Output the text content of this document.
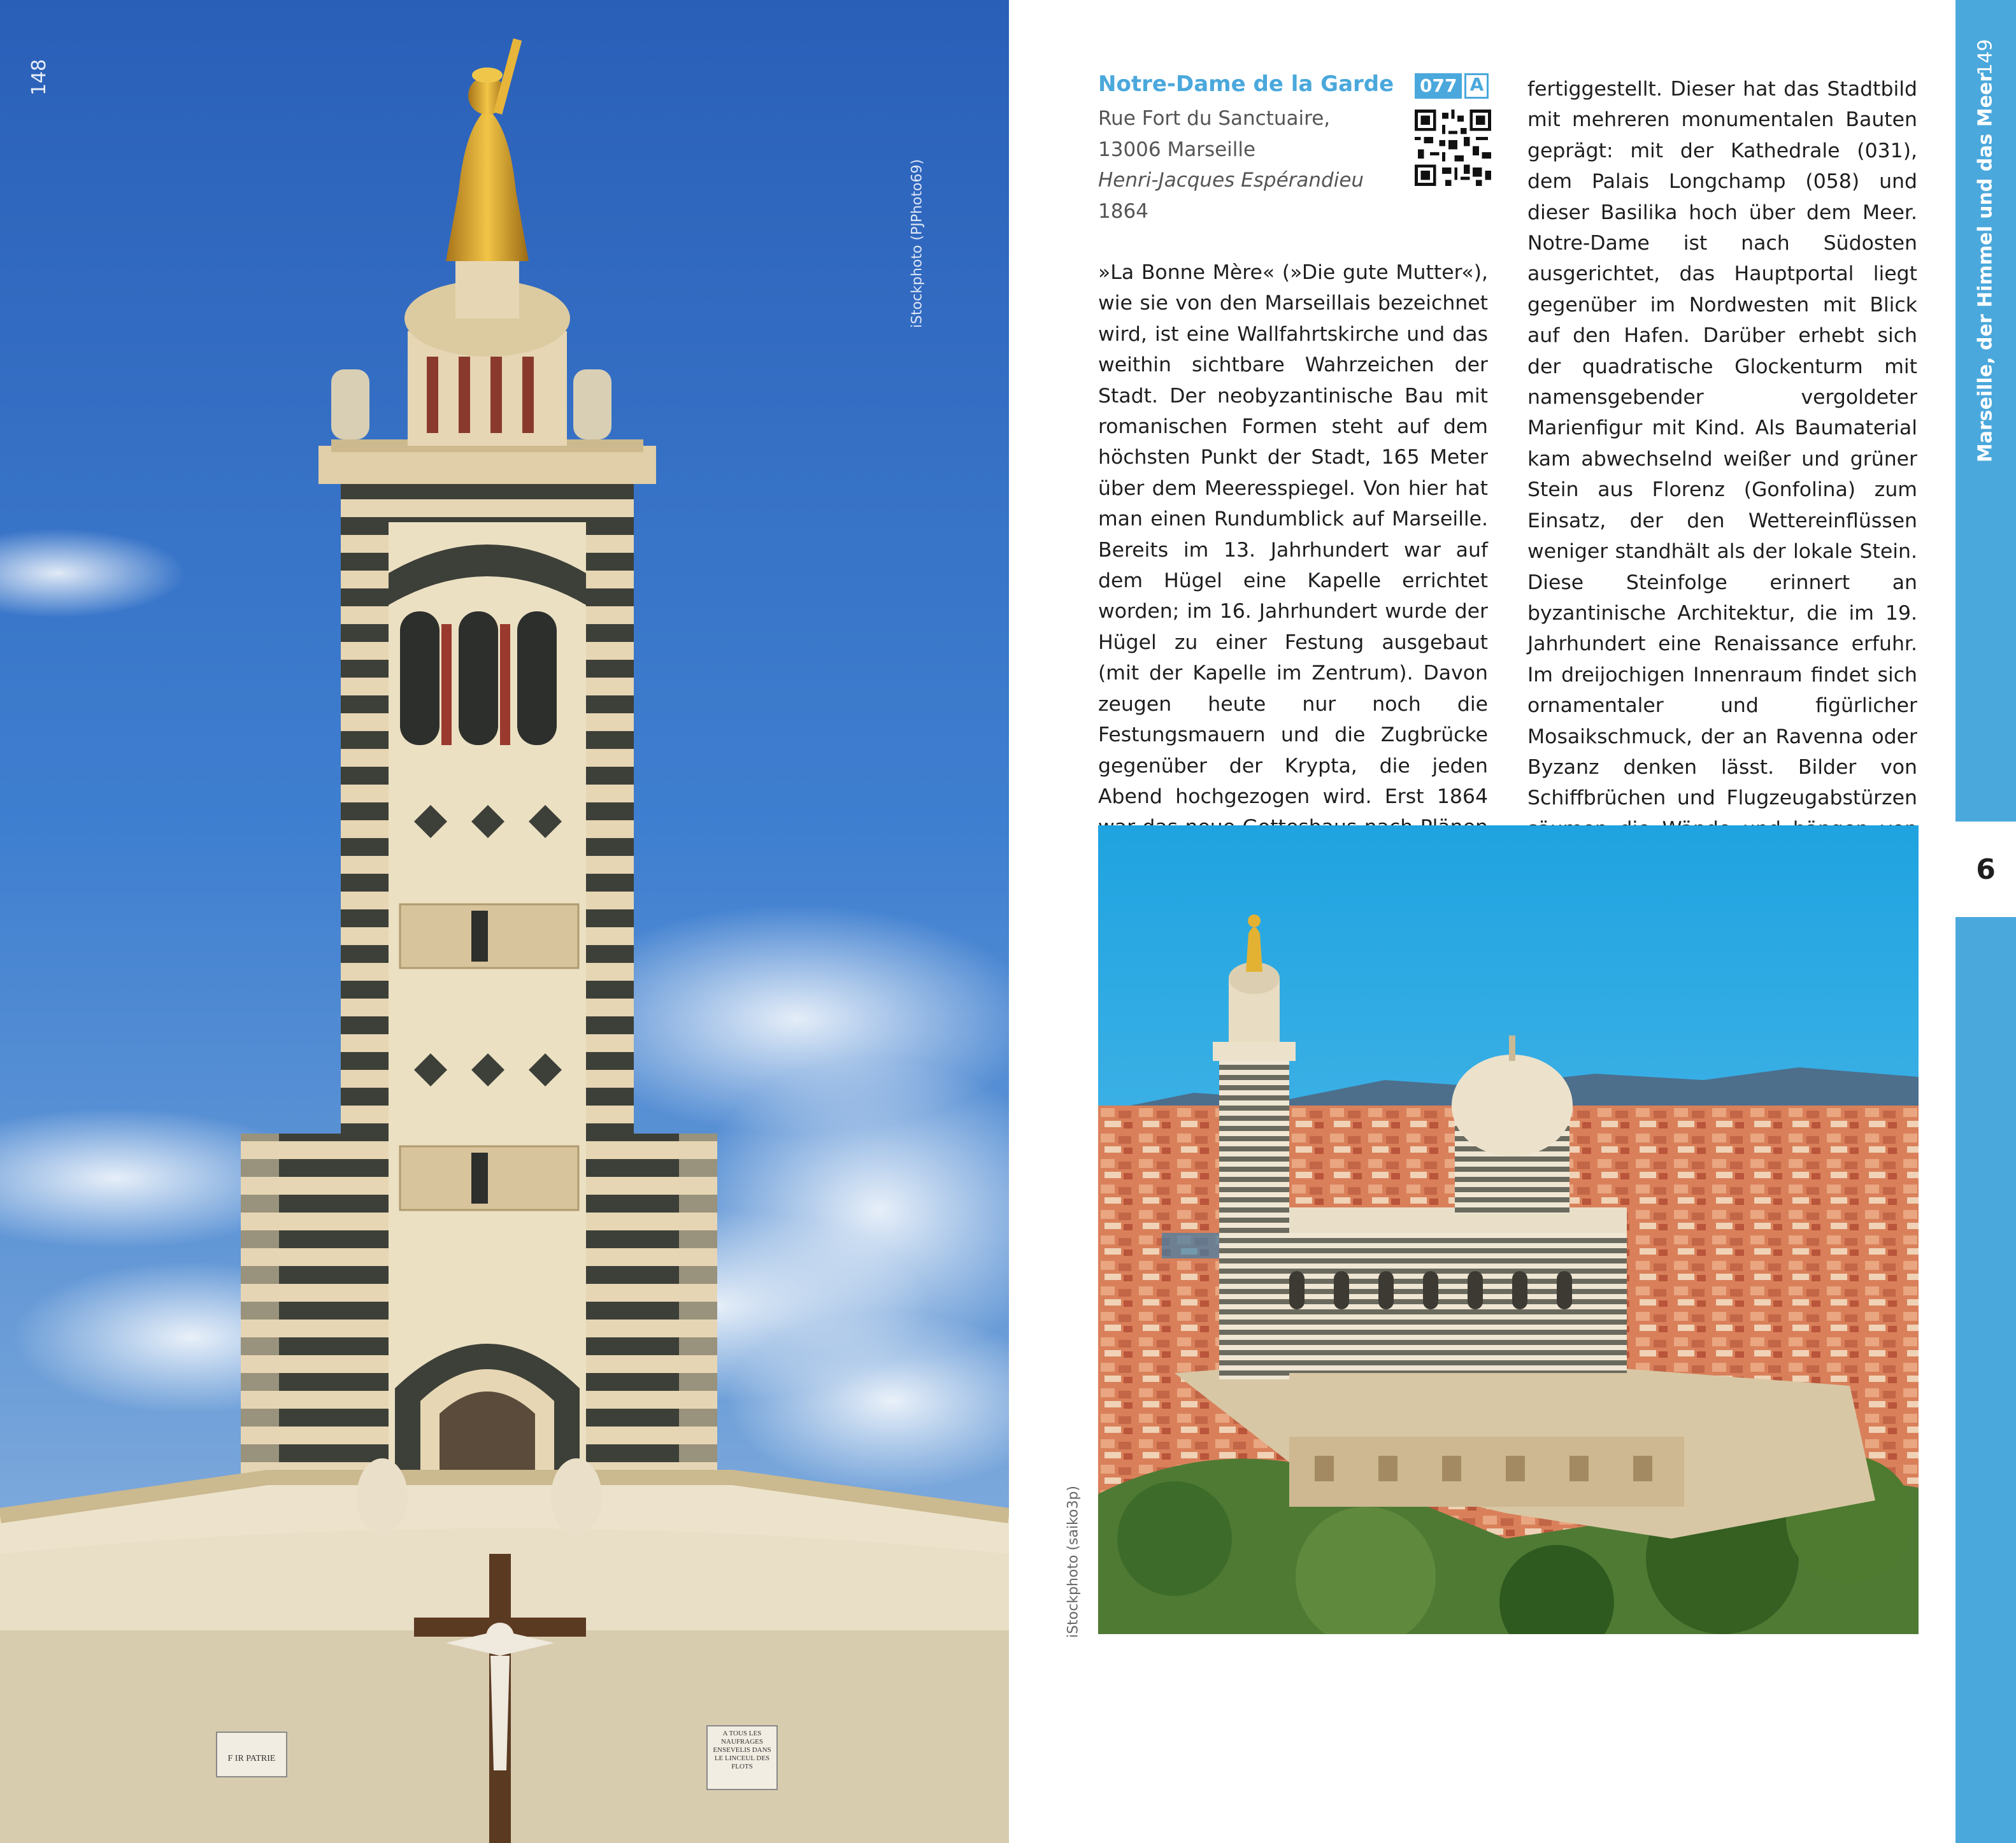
F IR PATRIE
A TOUS LES NAUFRAGES ENSEVELIS DANS LE LINCEUL DES FLOTS
148
iStockphoto (PJPhoto69)
Notre-Dame de la Garde
Rue Fort du Sanctuaire,
13006 Marseille
Henri-Jacques Espérandieu
1864
077 A
»La Bonne Mère« (»Die gute Mutter«), wie sie von den Marseillais bezeichnet wird, ist eine Wallfahrtskirche und das weithin sichtbare Wahrzeichen der Stadt. Der neobyzantinische Bau mit romanischen Formen steht auf dem höchsten Punkt der Stadt, 165 Meter über dem Meeresspiegel. Von hier hat man einen Rundumblick auf Marseille. Bereits im 13. Jahrhundert war auf dem Hügel eine Kapelle errichtet worden; im 16. Jahrhundert wurde der Hügel zu einer Festung ausgebaut (mit der Kapelle im Zentrum). Davon zeugen heute nur noch die Festungsmauern und die Zugbrücke gegenüber der Krypta, die jeden Abend hochgezogen wird. Erst 1864
fertiggestellt. Dieser hat das Stadtbild mit mehreren monumentalen Bauten geprägt: mit der Kathedrale (031), dem Palais Longchamp (058) und dieser Basilika hoch über dem Meer. Notre-Dame ist nach Südosten ausgerichtet, das Hauptportal liegt gegenüber im Nordwesten mit Blick auf den Hafen. Darüber erhebt sich der quadratische Glockenturm mit namensgebender vergoldeter Marienfigur mit Kind. Als Baumaterial kam abwechselnd weißer und grüner Stein aus Florenz (Gonfolina) zum Einsatz, der den Wettereinflüssen weniger standhält als der lokale Stein. Diese Steinfolge erinnert an byzantinische Architektur, die im 19. Jahrhundert eine Renaissance erfuhr. Im dreijochigen Innenraum findet sich ornamentaler und figürlicher Mosaikschmuck, der an Ravenna oder Byzanz denken lässt. Bilder von Schiffbrüchen und Flugzeugabstürzen
iStockphoto (saiko3p)
149
Marseille, der Himmel und das Meer
6
